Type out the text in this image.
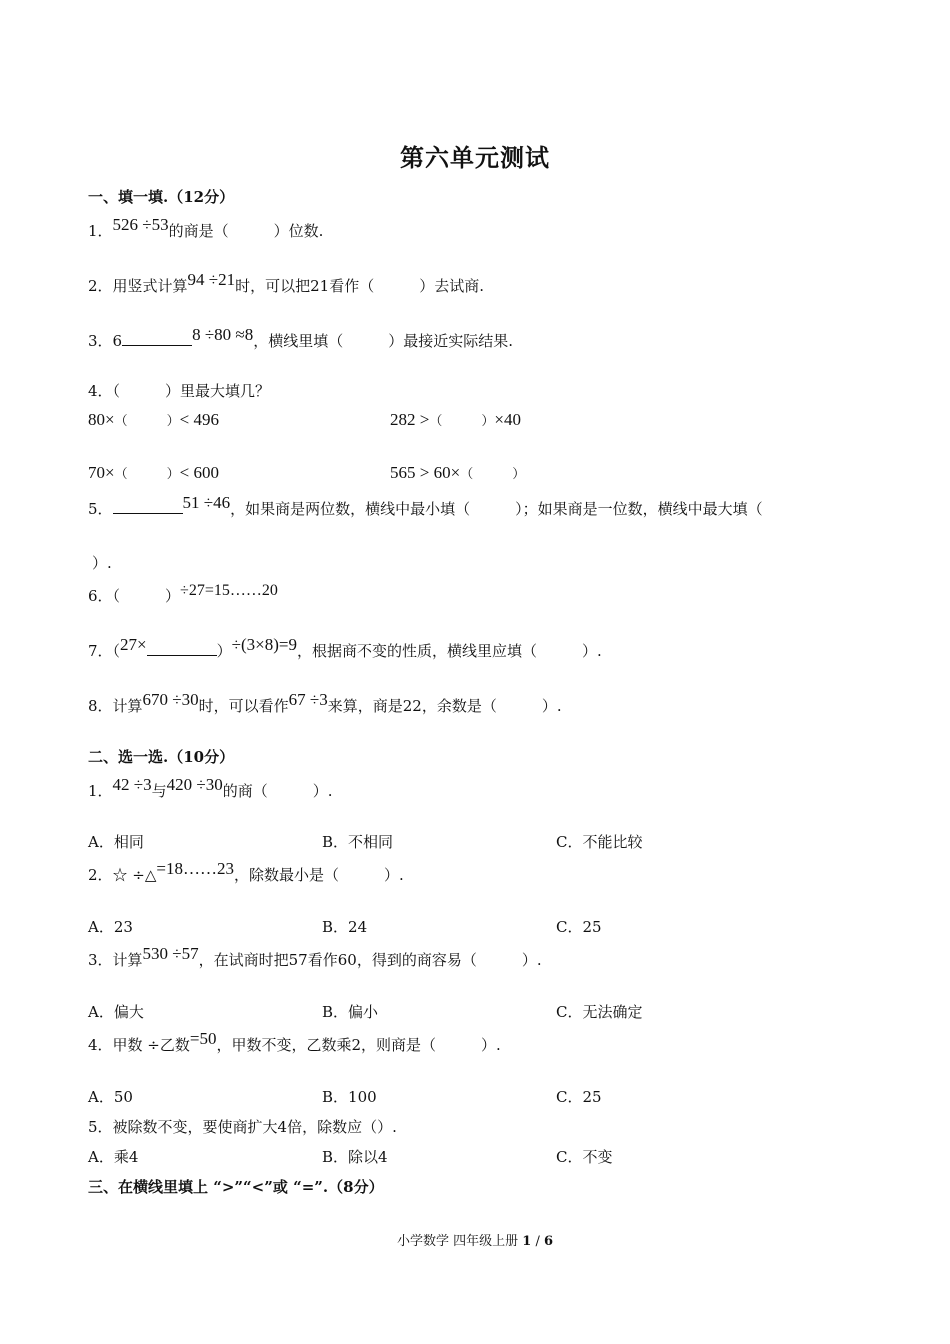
第六单元测试
一、填一填.（12分）
1．526 ÷53的商是（　　　）位数.
2．用竖式计算94 ÷21时，可以把21看作（　　　）去试商.
3．6	8 ÷80 ≈8，横线里填（　　　）最接近实际结果.
4．（　　　）里最大填几？
80×（　　　）< 496	282 >（　　　）×40
70×（　　　）< 600	565 > 60×（　　　）
5．	51 ÷46，如果商是两位数，横线中最小填（　　　）；如果商是一位数，横线中最大填（
）.
6．（　　　）÷27=15……20
7．（27×	）÷(3×8)=9，根据商不变的性质，横线里应填（　　　）.
8．计算670 ÷30时，可以看作67 ÷3来算，商是22，余数是（　　　）.
二、选一选.（10分）
1．42 ÷3与420 ÷30的商（　　　）.
A．相同	B．不相同	C．不能比较
2．☆ ÷△=18……23，除数最小是（　　　）.
A．23	B．24	C．25
3．计算530 ÷57，在试商时把57看作60，得到的商容易（　　　）.
A．偏大	B．偏小	C．无法确定
4．甲数 ÷乙数=50，甲数不变，乙数乘2，则商是（　　　）.
A．50	B．100	C．25
5．被除数不变，要使商扩大4倍，除数应（）.
A．乘4	B．除以4	C．不变
三、在横线里填上 “>”“<”或 “=”.（8分）
小学数学 四年级上册 1 / 6
